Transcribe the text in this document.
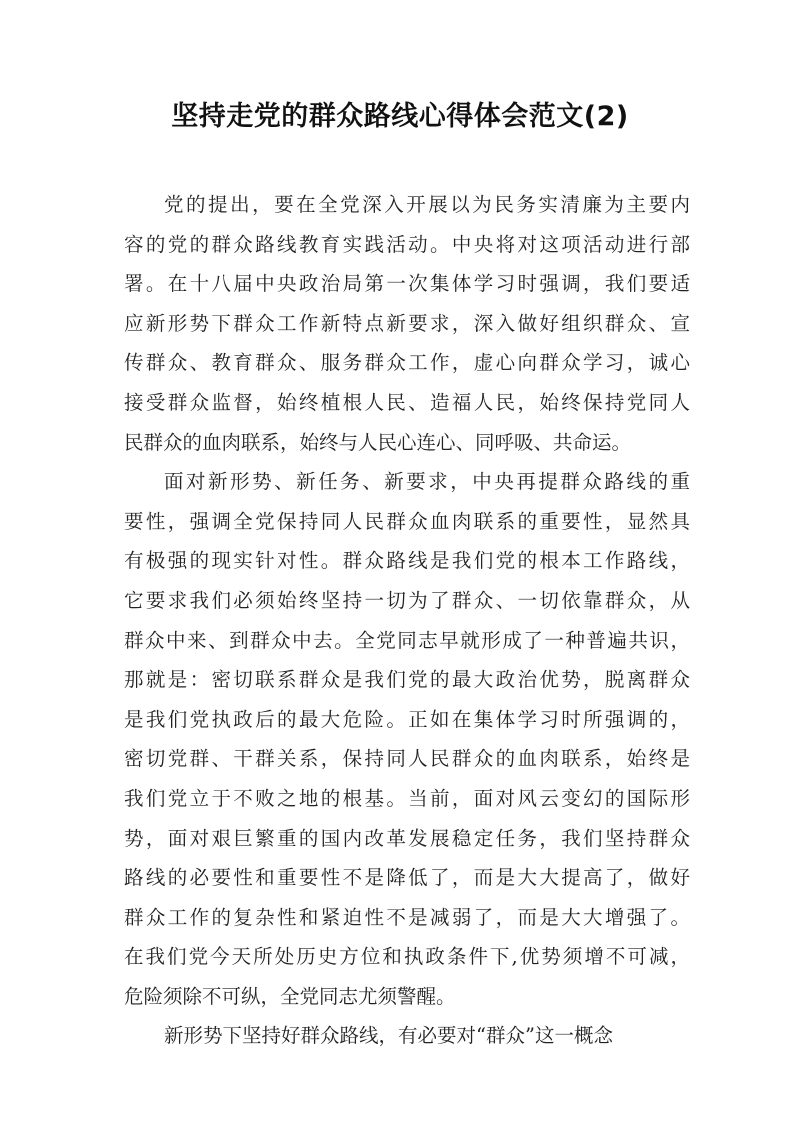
坚持走党的群众路线心得体会范文(2)
党的提出，要在全党深入开展以为民务实清廉为主要内
容的党的群众路线教育实践活动。中央将对这项活动进行部
署。在十八届中央政治局第一次集体学习时强调，我们要适
应新形势下群众工作新特点新要求，深入做好组织群众、宣
传群众、教育群众、服务群众工作，虚心向群众学习，诚心
接受群众监督，始终植根人民、造福人民，始终保持党同人
民群众的血肉联系，始终与人民心连心、同呼吸、共命运。
面对新形势、新任务、新要求，中央再提群众路线的重
要性，强调全党保持同人民群众血肉联系的重要性，显然具
有极强的现实针对性。群众路线是我们党的根本工作路线，
它要求我们必须始终坚持一切为了群众、一切依靠群众，从
群众中来、到群众中去。全党同志早就形成了一种普遍共识，
那就是：密切联系群众是我们党的最大政治优势，脱离群众
是我们党执政后的最大危险。正如在集体学习时所强调的，
密切党群、干群关系，保持同人民群众的血肉联系，始终是
我们党立于不败之地的根基。当前，面对风云变幻的国际形
势，面对艰巨繁重的国内改革发展稳定任务，我们坚持群众
路线的必要性和重要性不是降低了，而是大大提高了，做好
群众工作的复杂性和紧迫性不是减弱了，而是大大增强了。
在我们党今天所处历史方位和执政条件下,优势须增不可减，
危险须除不可纵，全党同志尤须警醒。
新形势下坚持好群众路线，有必要对“群众”这一概念
